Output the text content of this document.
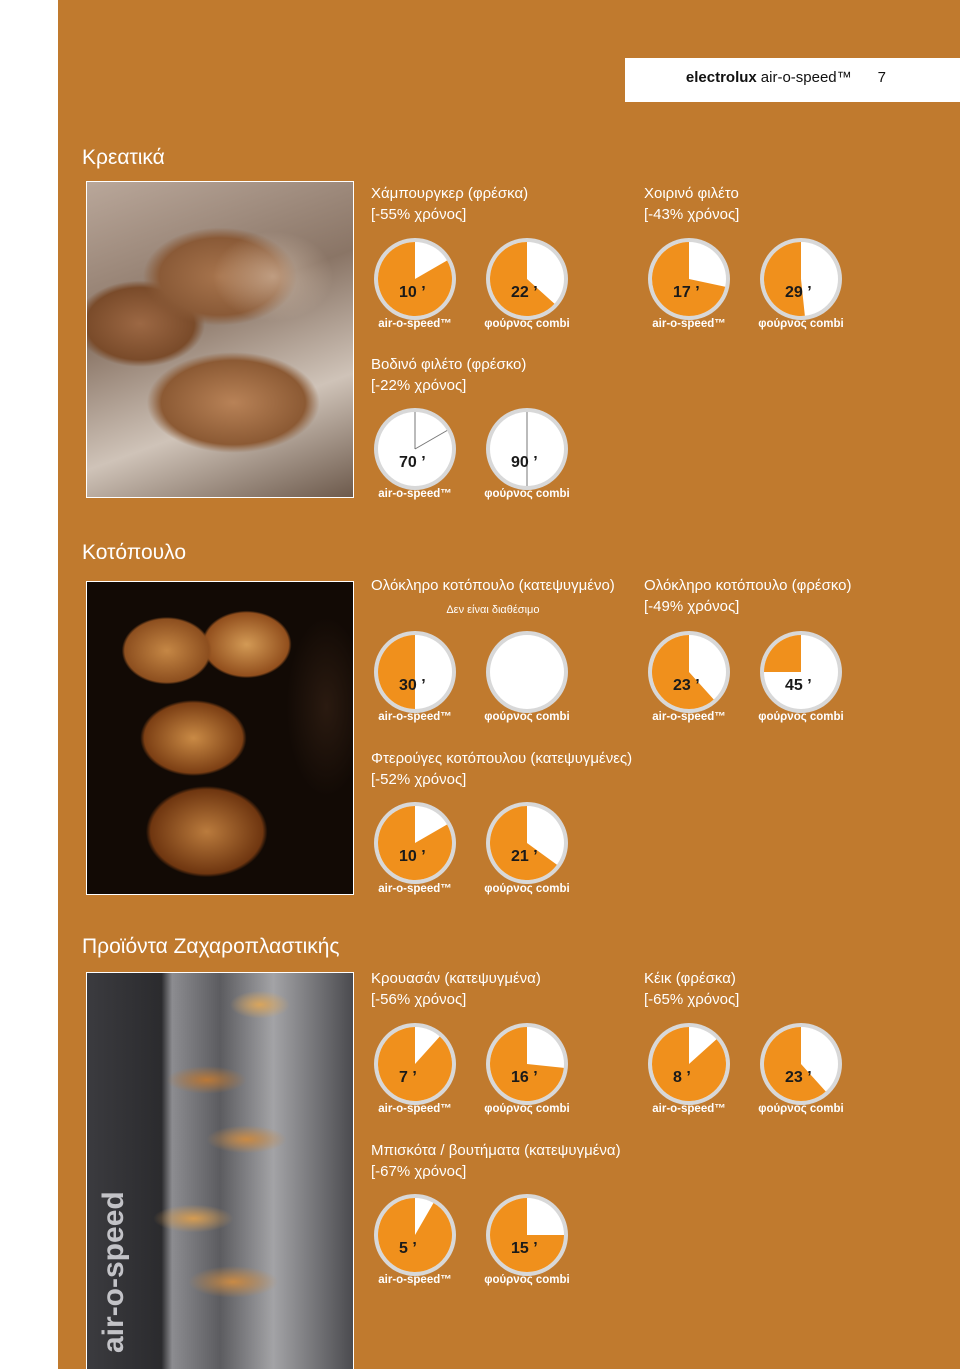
electrolux air-o-speed™ 7
Κρεατικά
Κοτόπουλο
Προϊόντα Ζαχαροπλαστικής
air-o-speed
Χάμπουργκερ (φρέσκα)
[-55% χρόνος]
10 ’	22 ’
air-o-speed™	φούρνος combi
Χοιρινό φιλέτο
[-43% χρόνος]
17 ’	29 ’
air-o-speed™	φούρνος combi
Βοδινό φιλέτο (φρέσκο)
[-22% χρόνος]
70 ’	90 ’
air-o-speed™	φούρνος combi
Ολόκληρο κοτόπουλο (κατεψυγμένο)
Δεν είναι διαθέσιμο
30 ’
air-o-speed™	φούρνος combi
Ολόκληρο κοτόπουλο (φρέσκο)
[-49% χρόνος]
23 ’	45 ’
air-o-speed™	φούρνος combi
Φτερούγες κοτόπουλου (κατεψυγμένες)
[-52% χρόνος]
10 ’	21 ’
air-o-speed™	φούρνος combi
Κρουασάν (κατεψυγμένα)
[-56% χρόνος]
7 ’	16 ’
air-o-speed™	φούρνος combi
Κέικ (φρέσκα)
[-65% χρόνος]
8 ’	23 ’
air-o-speed™	φούρνος combi
Μπισκότα / βουτήματα (κατεψυγμένα)
[-67% χρόνος]
5 ’	15 ’
air-o-speed™	φούρνος combi
